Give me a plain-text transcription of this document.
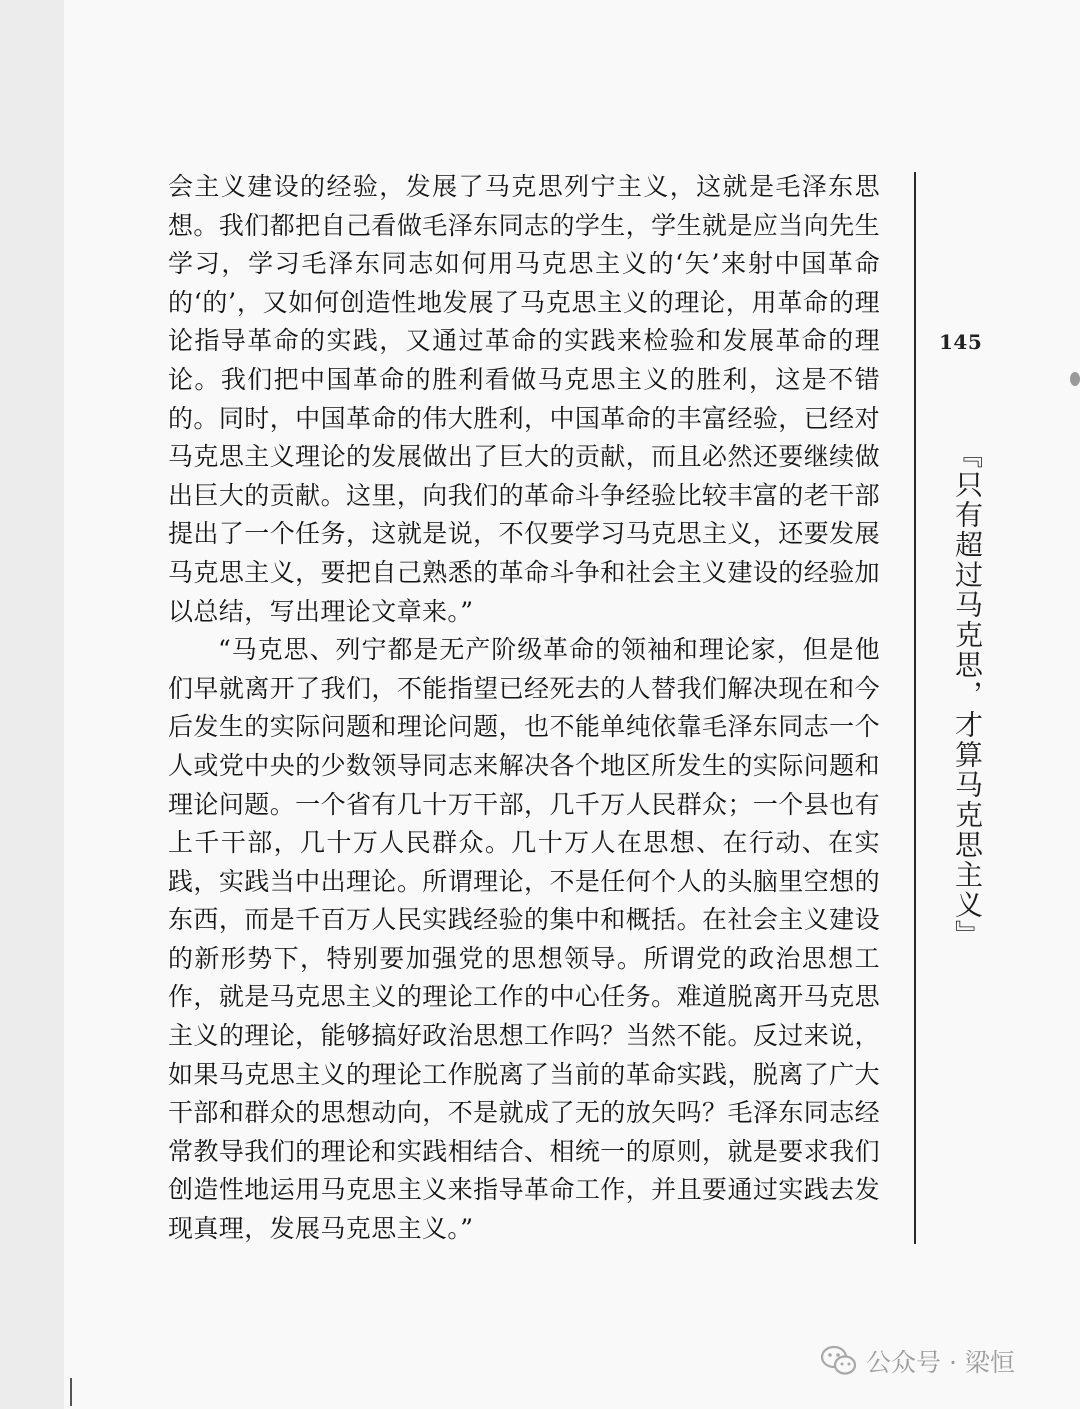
会主义建设的经验，发展了马克思列宁主义，这就是毛泽东思想。我们都把自己看做毛泽东同志的学生，学生就是应当向先生学习，学习毛泽东同志如何用马克思主义的‘矢’来射中国革命的‘的’，又如何创造性地发展了马克思主义的理论，用革命的理论指导革命的实践，又通过革命的实践来检验和发展革命的理论。我们把中国革命的胜利看做马克思主义的胜利，这是不错的。同时，中国革命的伟大胜利，中国革命的丰富经验，已经对马克思主义理论的发展做出了巨大的贡献，而且必然还要继续做出巨大的贡献。这里，向我们的革命斗争经验比较丰富的老干部提出了一个任务，这就是说，不仅要学习马克思主义，还要发展马克思主义，要把自己熟悉的革命斗争和社会主义建设的经验加以总结，写出理论文章来。”

“马克思、列宁都是无产阶级革命的领袖和理论家，但是他们早就离开了我们，不能指望已经死去的人替我们解决现在和今后发生的实际问题和理论问题，也不能单纯依靠毛泽东同志一个人或党中央的少数领导同志来解决各个地区所发生的实际问题和理论问题。一个省有几十万干部，几千万人民群众；一个县也有上千干部，几十万人民群众。几十万人在思想、在行动、在实践，实践当中出理论。所谓理论，不是任何个人的头脑里空想的东西，而是千百万人民实践经验的集中和概括。在社会主义建设的新形势下，特别要加强党的思想领导。所谓党的政治思想工作，就是马克思主义的理论工作的中心任务。难道脱离开马克思主义的理论，能够搞好政治思想工作吗？当然不能。反过来说，如果马克思主义的理论工作脱离了当前的革命实践，脱离了广大干部和群众的思想动向，不是就成了无的放矢吗？毛泽东同志经常教导我们的理论和实践相结合、相统一的原则，就是要求我们创造性地运用马克思主义来指导革命工作，并且要通过实践去发现真理，发展马克思主义。”

145
『只有超过马克思，才算马克思主义』
公众号 · 梁恒
